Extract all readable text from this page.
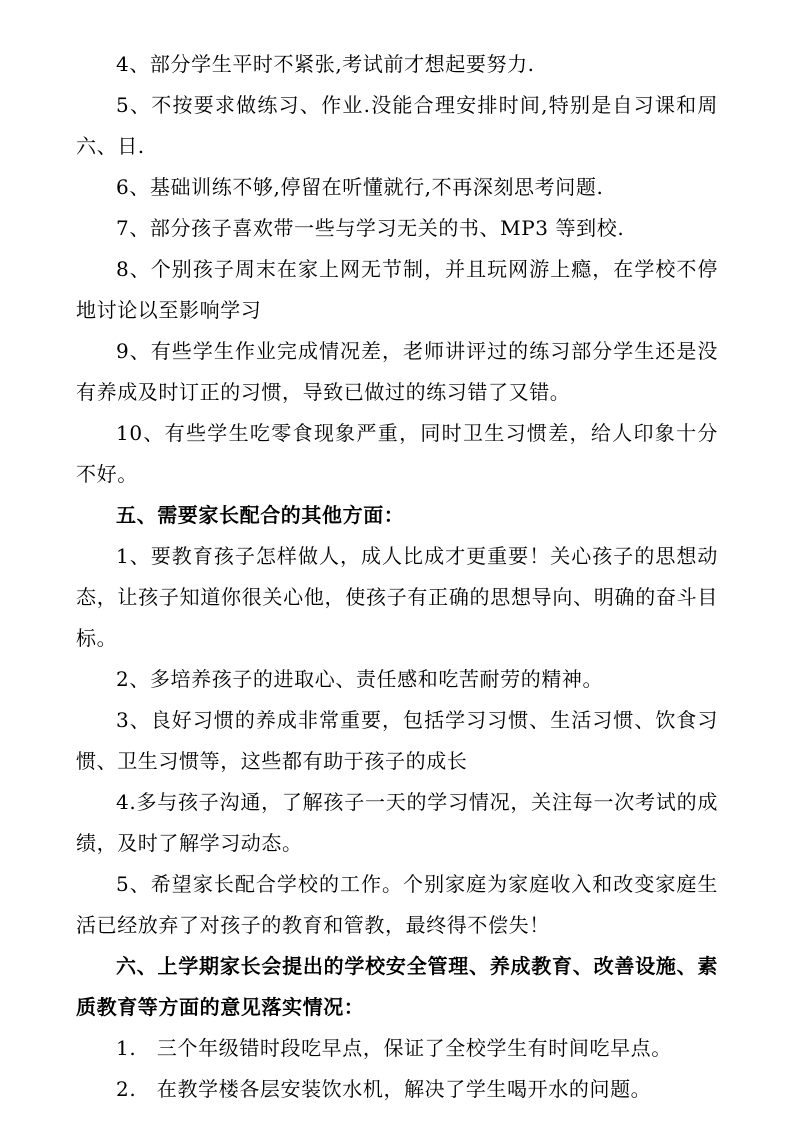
4、部分学生平时不紧张,考试前才想起要努力.

5、不按要求做练习、作业.没能合理安排时间,特别是自习课和周六、日.

6、基础训练不够,停留在听懂就行,不再深刻思考问题.

7、部分孩子喜欢带一些与学习无关的书、MP3 等到校.

8、个别孩子周末在家上网无节制，并且玩网游上瘾，在学校不停地讨论以至影响学习

9、有些学生作业完成情况差，老师讲评过的练习部分学生还是没有养成及时订正的习惯，导致已做过的练习错了又错。

10、有些学生吃零食现象严重，同时卫生习惯差，给人印象十分不好。

五、需要家长配合的其他方面：

1、要教育孩子怎样做人，成人比成才更重要！关心孩子的思想动态，让孩子知道你很关心他，使孩子有正确的思想导向、明确的奋斗目标。

2、多培养孩子的进取心、责任感和吃苦耐劳的精神。

3、良好习惯的养成非常重要，包括学习习惯、生活习惯、饮食习惯、卫生习惯等，这些都有助于孩子的成长

4.多与孩子沟通，了解孩子一天的学习情况，关注每一次考试的成绩，及时了解学习动态。

5、希望家长配合学校的工作。个别家庭为家庭收入和改变家庭生活已经放弃了对孩子的教育和管教，最终得不偿失！

六、上学期家长会提出的学校安全管理、养成教育、改善设施、素质教育等方面的意见落实情况：

1.　三个年级错时段吃早点，保证了全校学生有时间吃早点。

2.　在教学楼各层安装饮水机，解决了学生喝开水的问题。
